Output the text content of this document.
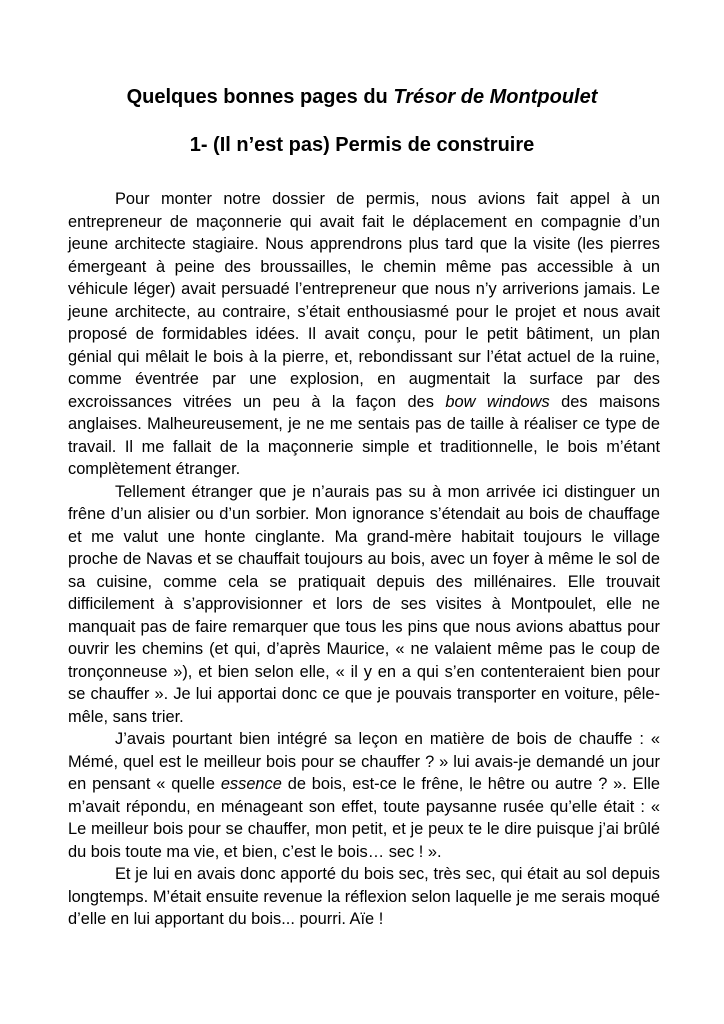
Quelques bonnes pages du Trésor de Montpoulet
1- (Il n’est pas) Permis de construire

Pour monter notre dossier de permis, nous avions fait appel à un entrepreneur de maçonnerie qui avait fait le déplacement en compagnie d’un jeune architecte stagiaire. Nous apprendrons plus tard que la visite (les pierres émergeant à peine des broussailles, le chemin même pas accessible à un véhicule léger) avait persuadé l’entrepreneur que nous n’y arriverions jamais. Le jeune architecte, au contraire, s’était enthousiasmé pour le projet et nous avait proposé de formidables idées. Il avait conçu, pour le petit bâtiment, un plan génial qui mêlait le bois à la pierre, et, rebondissant sur l’état actuel de la ruine, comme éventrée par une explosion, en augmentait la surface par des excroissances vitrées un peu à la façon des bow windows des maisons anglaises. Malheureusement, je ne me sentais pas de taille à réaliser ce type de travail. Il me fallait de la maçonnerie simple et traditionnelle, le bois m’étant complètement étranger.

Tellement étranger que je n’aurais pas su à mon arrivée ici distinguer un frêne d’un alisier ou d’un sorbier. Mon ignorance s’étendait au bois de chauffage et me valut une honte cinglante. Ma grand-mère habitait toujours le village proche de Navas et se chauffait toujours au bois, avec un foyer à même le sol de sa cuisine, comme cela se pratiquait depuis des millénaires. Elle trouvait difficilement à s’approvisionner et lors de ses visites à Montpoulet, elle ne manquait pas de faire remarquer que tous les pins que nous avions abattus pour ouvrir les chemins (et qui, d’après Maurice, « ne valaient même pas le coup de tronçonneuse »), et bien selon elle, « il y en a qui s’en contenteraient bien pour se chauffer ». Je lui apportai donc ce que je pouvais transporter en voiture, pêle-mêle, sans trier.

J’avais pourtant bien intégré sa leçon en matière de bois de chauffe : « Mémé, quel est le meilleur bois pour se chauffer ? » lui avais-je demandé un jour en pensant « quelle essence de bois, est-ce le frêne, le hêtre ou autre ? ». Elle m’avait répondu, en ménageant son effet, toute paysanne rusée qu’elle était : « Le meilleur bois pour se chauffer, mon petit, et je peux te le dire puisque j’ai brûlé du bois toute ma vie, et bien, c’est le bois… sec ! ».

Et je lui en avais donc apporté du bois sec, très sec, qui était au sol depuis longtemps. M’était ensuite revenue la réflexion selon laquelle je me serais moqué d’elle en lui apportant du bois... pourri. Aïe !
